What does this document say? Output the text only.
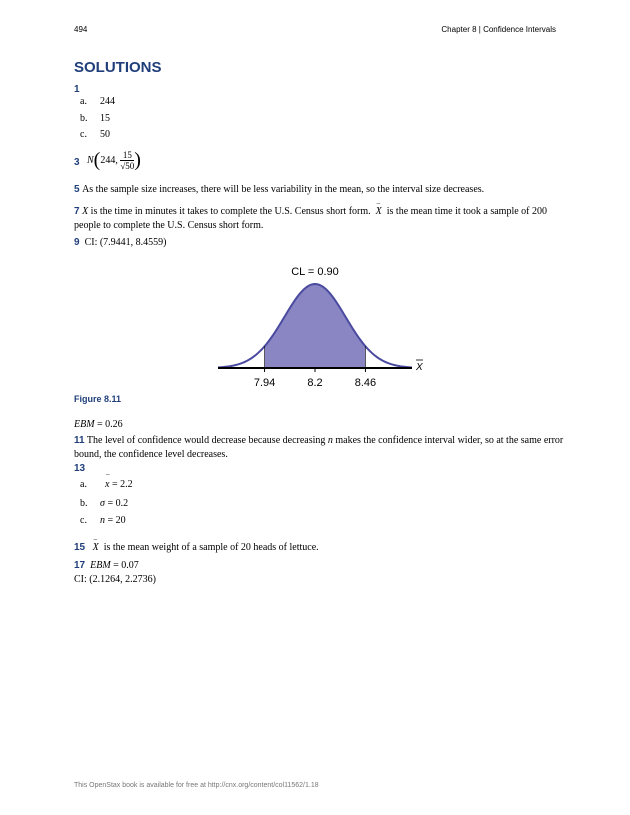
494	Chapter 8 | Confidence Intervals
SOLUTIONS
1
a. 244
b. 15
c. 50
3 N(244, $\frac{15}{√50}$ )
5 As the sample size increases, there will be less variability in the mean, so the interval size decreases.
7 X is the time in minutes it takes to complete the U.S. Census short form. – X is the mean time it took a sample of 200
people to complete the U.S. Census short form.
9 CI: (7.9441, 8.4559)
CL = 0.90
7.94	8.2	8.46
X
Figure 8.11
EBM = 0.26
11 The level of confidence would decrease because decreasing n makes the confidence interval wider, so at the same error
bound, the confidence level decreases.
13
a. – x = 2.2
b. σ = 0.2
c. n = 20
15 – X is the mean weight of a sample of 20 heads of lettuce.
17 EBM = 0.07
CI: (2.1264, 2.2736)
This OpenStax book is available for free at http://cnx.org/content/col11562/1.18
